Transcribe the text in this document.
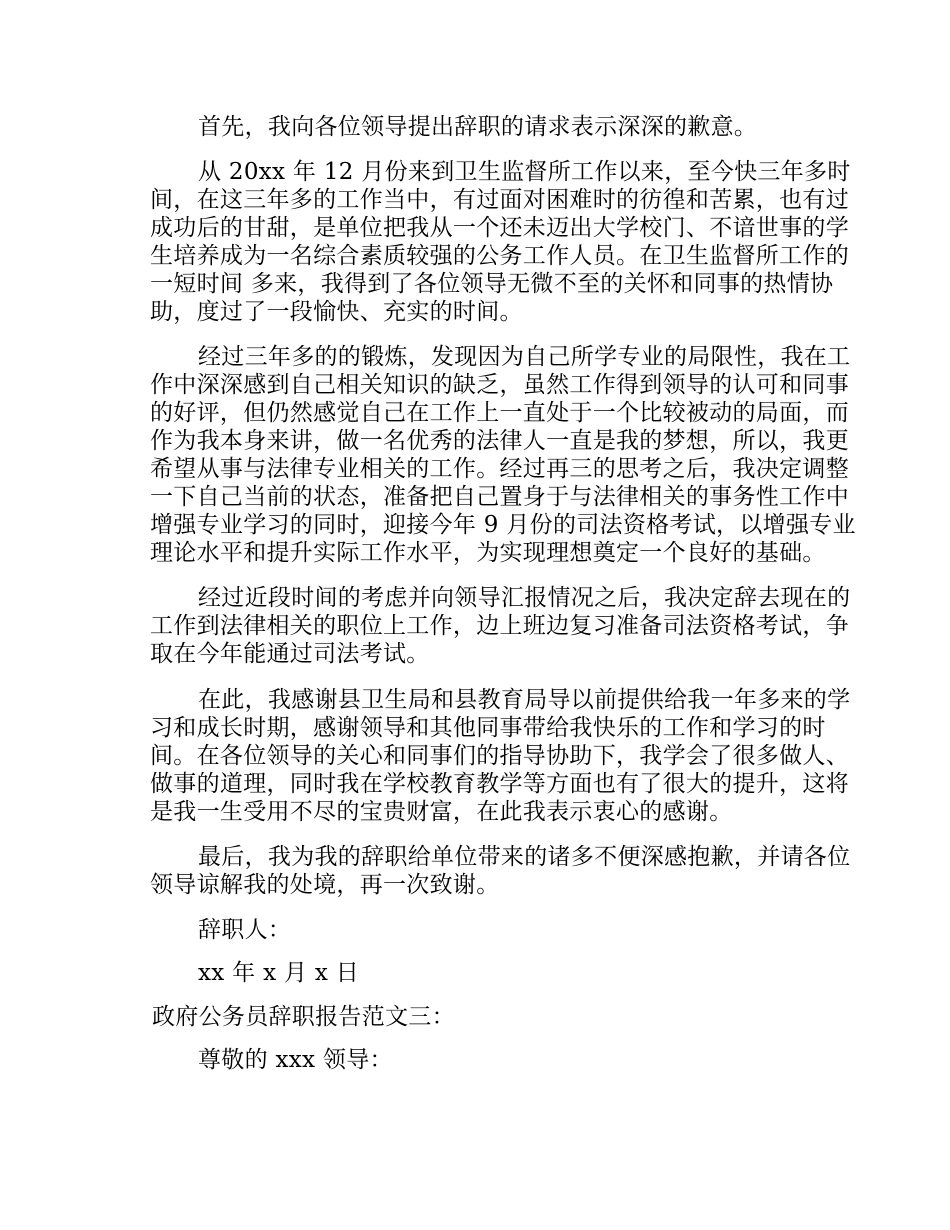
首先，我向各位领导提出辞职的请求表示深深的歉意。
从 20xx 年 12 月份来到卫生监督所工作以来，至今快三年多时
间，在这三年多的工作当中，有过面对困难时的彷徨和苦累，也有过
成功后的甘甜，是单位把我从一个还未迈出大学校门、不谙世事的学
生培养成为一名综合素质较强的公务工作人员。在卫生监督所工作的
一短时间 多来，我得到了各位领导无微不至的关怀和同事的热情协
助，度过了一段愉快、充实的时间。
经过三年多的的锻炼，发现因为自己所学专业的局限性，我在工
作中深深感到自己相关知识的缺乏，虽然工作得到领导的认可和同事
的好评，但仍然感觉自己在工作上一直处于一个比较被动的局面，而
作为我本身来讲，做一名优秀的法律人一直是我的梦想，所以，我更
希望从事与法律专业相关的工作。经过再三的思考之后，我决定调整
一下自己当前的状态，准备把自己置身于与法律相关的事务性工作中
增强专业学习的同时，迎接今年 9 月份的司法资格考试，以增强专业
理论水平和提升实际工作水平，为实现理想奠定一个良好的基础。
经过近段时间的考虑并向领导汇报情况之后，我决定辞去现在的
工作到法律相关的职位上工作，边上班边复习准备司法资格考试，争
取在今年能通过司法考试。
在此，我感谢县卫生局和县教育局导以前提供给我一年多来的学
习和成长时期，感谢领导和其他同事带给我快乐的工作和学习的时
间。在各位领导的关心和同事们的指导协助下，我学会了很多做人、
做事的道理，同时我在学校教育教学等方面也有了很大的提升，这将
是我一生受用不尽的宝贵财富，在此我表示衷心的感谢。
最后，我为我的辞职给单位带来的诸多不便深感抱歉，并请各位
领导谅解我的处境，再一次致谢。
辞职人：
xx 年 x 月 x 日
政府公务员辞职报告范文三：
尊敬的 xxx 领导：
